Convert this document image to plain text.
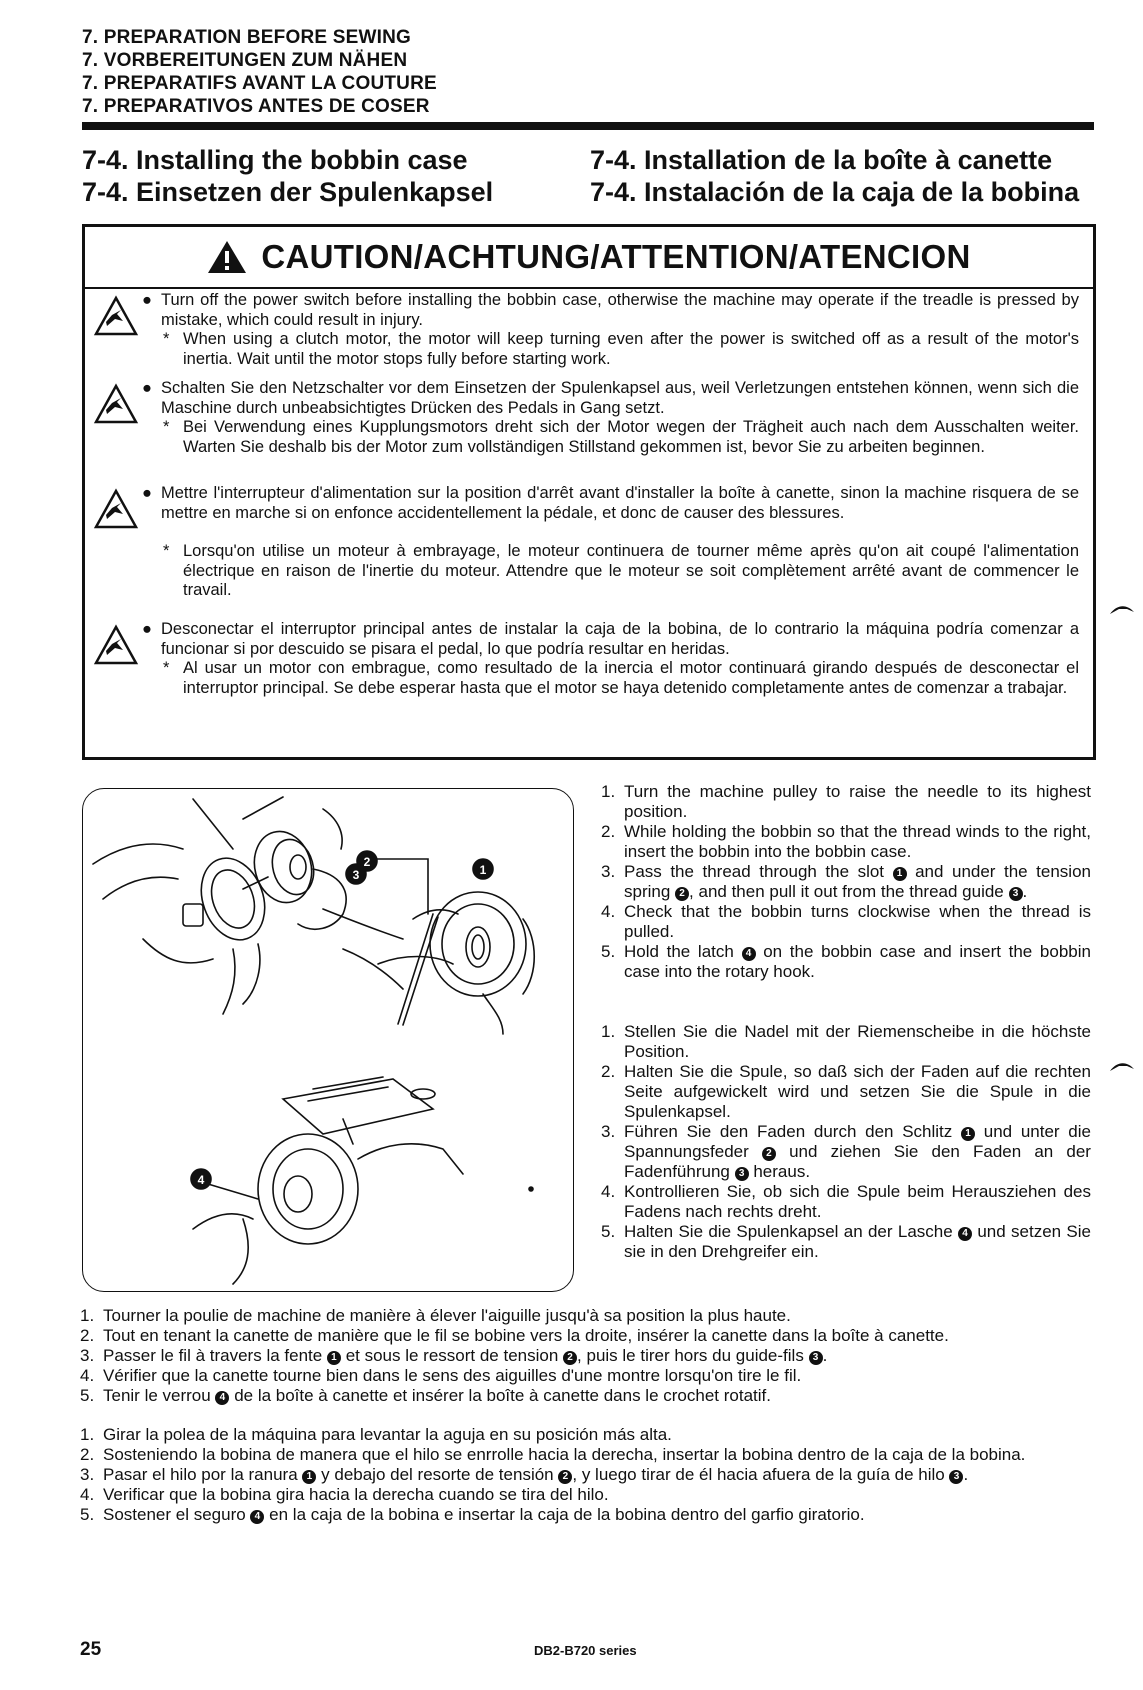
7. PREPARATION BEFORE SEWING
7. VORBEREITUNGEN ZUM NÄHEN
7. PREPARATIFS AVANT LA COUTURE
7. PREPARATIVOS ANTES DE COSER
7-4. Installing the bobbin case
7-4. Einsetzen der Spulenkapsel
7-4. Installation de la boîte à canette
7-4. Instalación de la caja de la bobina
CAUTION/ACHTUNG/ATTENTION/ATENCION
● Turn off the power switch before installing the bobbin case, otherwise the machine may operate if the treadle is pressed by mistake, which could result in injury.
* When using a clutch motor, the motor will keep turning even after the power is switched off as a result of the motor's inertia. Wait until the motor stops fully before starting work.
● Schalten Sie den Netzschalter vor dem Einsetzen der Spulenkapsel aus, weil Verletzungen entstehen können, wenn sich die Maschine durch unbeabsichtigtes Drücken des Pedals in Gang setzt.
* Bei Verwendung eines Kupplungsmotors dreht sich der Motor wegen der Trägheit auch nach dem Ausschalten weiter. Warten Sie deshalb bis der Motor zum vollständigen Stillstand gekommen ist, bevor Sie zu arbeiten beginnen.
● Mettre l'interrupteur d'alimentation sur la position d'arrêt avant d'installer la boîte à canette, sinon la machine risquera de se mettre en marche si on enfonce accidentellement la pédale, et donc de causer des blessures.
* Lorsqu'on utilise un moteur à embrayage, le moteur continuera de tourner même après qu'on ait coupé l'alimentation électrique en raison de l'inertie du moteur. Attendre que le moteur se soit complètement arrêté avant de commencer le travail.
● Desconectar el interruptor principal antes de instalar la caja de la bobina, de lo contrario la máquina podría comenzar a funcionar si por descuido se pisara el pedal, lo que podría resultar en heridas.
* Al usar un motor con embrague, como resultado de la inercia el motor continuará girando después de desconectar el interruptor principal. Se debe esperar hasta que el motor se haya detenido completamente antes de comenzar a trabajar.
1
2
3
4
1. Turn the machine pulley to raise the needle to its highest position.
2. While holding the bobbin so that the thread winds to the right, insert the bobbin into the bobbin case.
3. Pass the thread through the slot 1 and under the tension spring 2 , and then pull it out from the thread guide 3 .
4. Check that the bobbin turns clockwise when the thread is pulled.
5. Hold the latch 4 on the bobbin case and insert the bobbin case into the rotary hook.
1. Stellen Sie die Nadel mit der Riemenscheibe in die höchste Position.
2. Halten Sie die Spule, so daß sich der Faden auf die rechten Seite aufgewickelt wird und setzen Sie die Spule in die Spulenkapsel.
3. Führen Sie den Faden durch den Schlitz 1 und unter die Spannungsfeder 2 und ziehen Sie den Faden an der Fadenführung 3 heraus.
4. Kontrollieren Sie, ob sich die Spule beim Herausziehen des Fadens nach rechts dreht.
5. Halten Sie die Spulenkapsel an der Lasche 4 und setzen Sie sie in den Drehgreifer ein.
1. Tourner la poulie de machine de manière à élever l'aiguille jusqu'à sa position la plus haute.
2. Tout en tenant la canette de manière que le fil se bobine vers la droite, insérer la canette dans la boîte à canette.
3. Passer le fil à travers la fente 1 et sous le ressort de tension 2 , puis le tirer hors du guide-fils 3 .
4. Vérifier que la canette tourne bien dans le sens des aiguilles d'une montre lorsqu'on tire le fil.
5. Tenir le verrou 4 de la boîte à canette et insérer la boîte à canette dans le crochet rotatif.
1. Girar la polea de la máquina para levantar la aguja en su posición más alta.
2. Sosteniendo la bobina de manera que el hilo se enrrolle hacia la derecha, insertar la bobina dentro de la caja de la bobina.
3. Pasar el hilo por la ranura 1 y debajo del resorte de tensión 2 , y luego tirar de él hacia afuera de la guía de hilo 3 .
4. Verificar que la bobina gira hacia la derecha cuando se tira del hilo.
5. Sostener el seguro 4 en la caja de la bobina e insertar la caja de la bobina dentro del garfio giratorio.
25	DB2-B720 series
